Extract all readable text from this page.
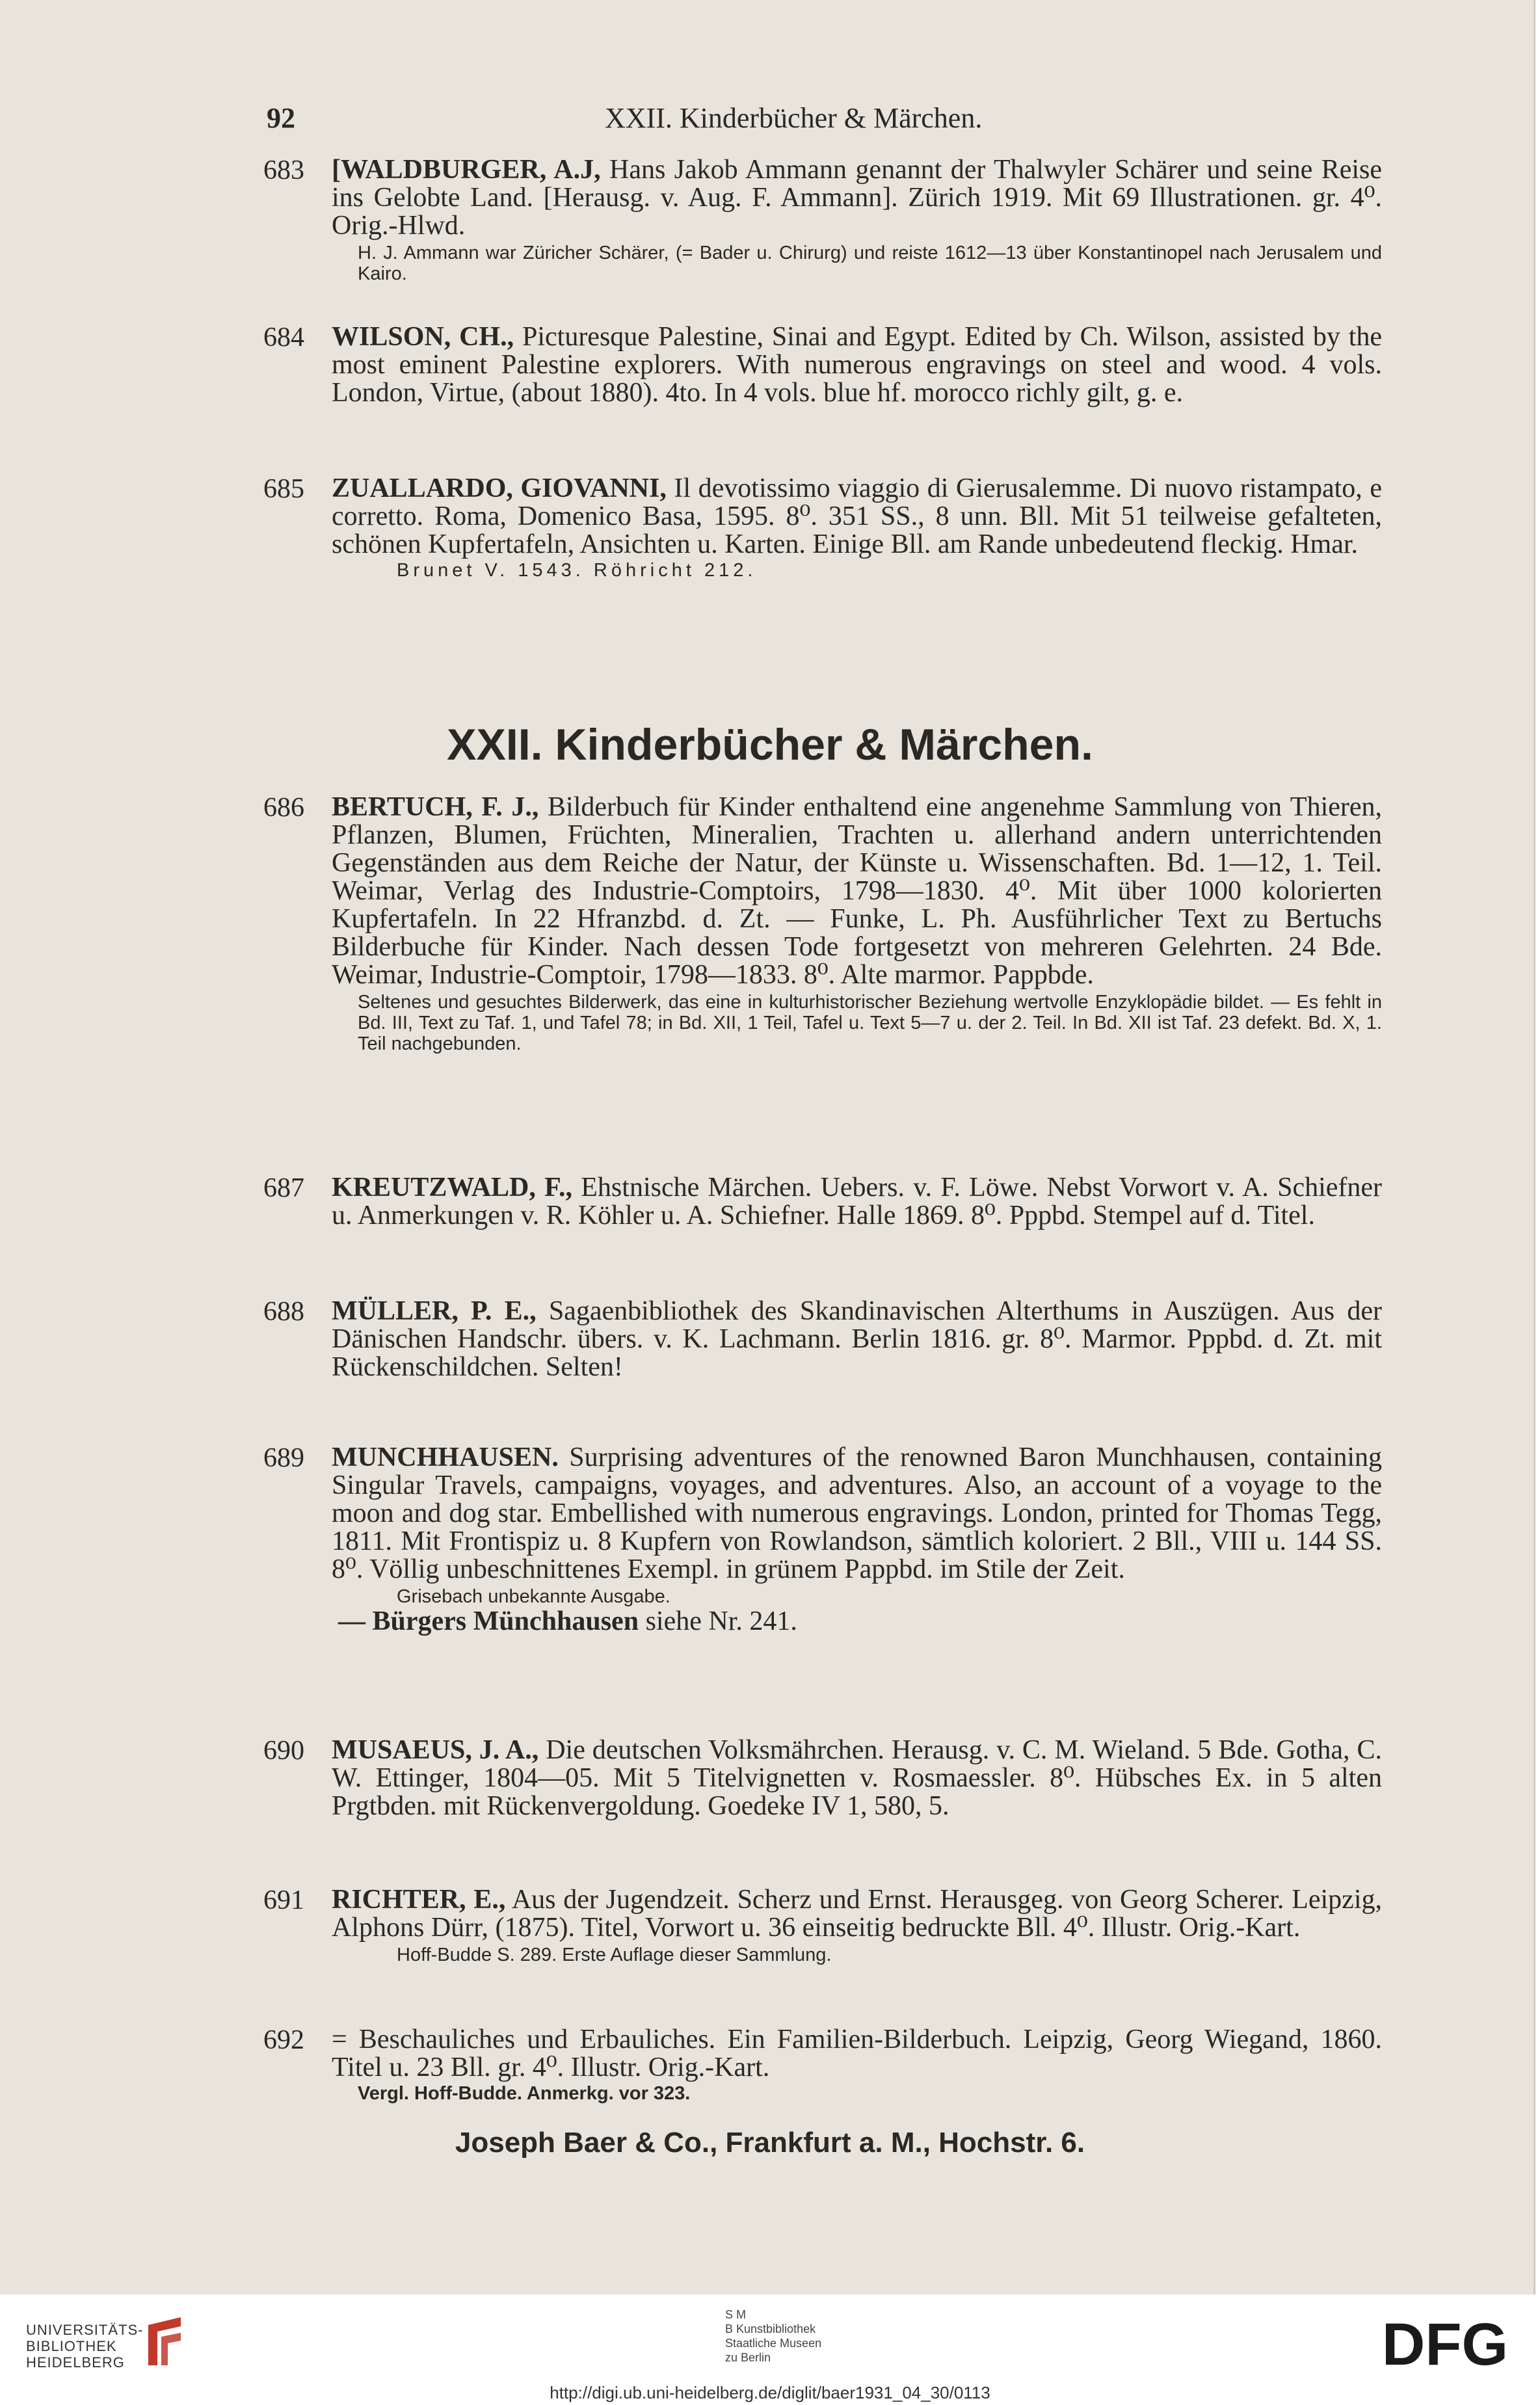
92	XXII. Kinderbücher & Märchen.
683 [WALDBURGER, A.J, Hans Jakob Ammann genannt der Thalwyler Schärer und seine Reise ins Gelobte Land. [Herausg. v. Aug. F. Ammann]. Zürich 1919. Mit 69 Illustrationen. gr. 4⁰. Orig.-Hlwd.
H. J. Ammann war Züricher Schärer, (= Bader u. Chirurg) und reiste 1612—13 über Konstantinopel nach Jerusalem und Kairo.
684 WILSON, CH., Picturesque Palestine, Sinai and Egypt. Edited by Ch. Wilson, assisted by the most eminent Palestine explorers. With numerous engravings on steel and wood. 4 vols. London, Virtue, (about 1880). 4to. In 4 vols. blue hf. morocco richly gilt, g. e.
685 ZUALLARDO, GIOVANNI, Il devotissimo viaggio di Gierusalemme. Di nuovo ristampato, e corretto. Roma, Domenico Basa, 1595. 8⁰. 351 SS., 8 unn. Bll. Mit 51 teilweise gefalteten, schönen Kupfertafeln, Ansichten u. Karten. Einige Bll. am Rande unbedeutend fleckig. Hmar.
Brunet V. 1543. Röhricht 212.
XXII. Kinderbücher & Märchen.
686 BERTUCH, F. J., Bilderbuch für Kinder enthaltend eine angenehme Sammlung von Thieren, Pflanzen, Blumen, Früchten, Mineralien, Trachten u. allerhand andern unterrichtenden Gegenständen aus dem Reiche der Natur, der Künste u. Wissenschaften. Bd. 1—12, 1. Teil. Weimar, Verlag des Industrie-Comptoirs, 1798—1830. 4⁰. Mit über 1000 kolorierten Kupfertafeln. In 22 Hfranzbd. d. Zt. — Funke, L. Ph. Ausführlicher Text zu Bertuchs Bilderbuche für Kinder. Nach dessen Tode fortgesetzt von mehreren Gelehrten. 24 Bde. Weimar, Industrie-Comptoir, 1798—1833. 8⁰. Alte marmor. Pappbde.
Seltenes und gesuchtes Bilderwerk, das eine in kulturhistorischer Beziehung wertvolle Enzyklopädie bildet. — Es fehlt in Bd. III, Text zu Taf. 1, und Tafel 78; in Bd. XII, 1 Teil, Tafel u. Text 5—7 u. der 2. Teil. In Bd. XII ist Taf. 23 defekt. Bd. X, 1. Teil nachgebunden.
687 KREUTZWALD, F., Ehstnische Märchen. Uebers. v. F. Löwe. Nebst Vorwort v. A. Schiefner u. Anmerkungen v. R. Köhler u. A. Schiefner. Halle 1869. 8⁰. Pppbd. Stempel auf d. Titel.
688 MÜLLER, P. E., Sagaenbibliothek des Skandinavischen Alterthums in Auszügen. Aus der Dänischen Handschr. übers. v. K. Lachmann. Berlin 1816. gr. 8⁰. Marmor. Pppbd. d. Zt. mit Rückenschildchen. Selten!
689 MUNCHHAUSEN. Surprising adventures of the renowned Baron Munchhausen, containing Singular Travels, campaigns, voyages, and adventures. Also, an account of a voyage to the moon and dog star. Embellished with numerous engravings. London, printed for Thomas Tegg, 1811. Mit Frontispiz u. 8 Kupfern von Rowlandson, sämtlich koloriert. 2 Bll., VIII u. 144 SS. 8⁰. Völlig unbeschnittenes Exempl. in grünem Pappbd. im Stile der Zeit.
Grisebach unbekannte Ausgabe.
— Bürgers Münchhausen siehe Nr. 241.
690 MUSAEUS, J. A., Die deutschen Volksmährchen. Herausg. v. C. M. Wieland. 5 Bde. Gotha, C. W. Ettinger, 1804—05. Mit 5 Titelvignetten v. Rosmaessler. 8⁰. Hübsches Ex. in 5 alten Prgtbden. mit Rückenvergoldung. Goedeke IV 1, 580, 5.
691 RICHTER, E., Aus der Jugendzeit. Scherz und Ernst. Herausgeg. von Georg Scherer. Leipzig, Alphons Dürr, (1875). Titel, Vorwort u. 36 einseitig bedruckte Bll. 4⁰. Illustr. Orig.-Kart.
Hoff-Budde S. 289. Erste Auflage dieser Sammlung.
692 = Beschauliches und Erbauliches. Ein Familien-Bilderbuch. Leipzig, Georg Wiegand, 1860. Titel u. 23 Bll. gr. 4⁰. Illustr. Orig.-Kart.
Vergl. Hoff-Budde. Anmerkg. vor 323.
Joseph Baer & Co., Frankfurt a. M., Hochstr. 6.
UNIVERSITÄTS-
BIBLIOTHEK
HEIDELBERG
S M
B Kunstbibliothek
Staatliche Museen
zu Berlin	DFG
http://digi.ub.uni-heidelberg.de/diglit/baer1931_04_30/0113
